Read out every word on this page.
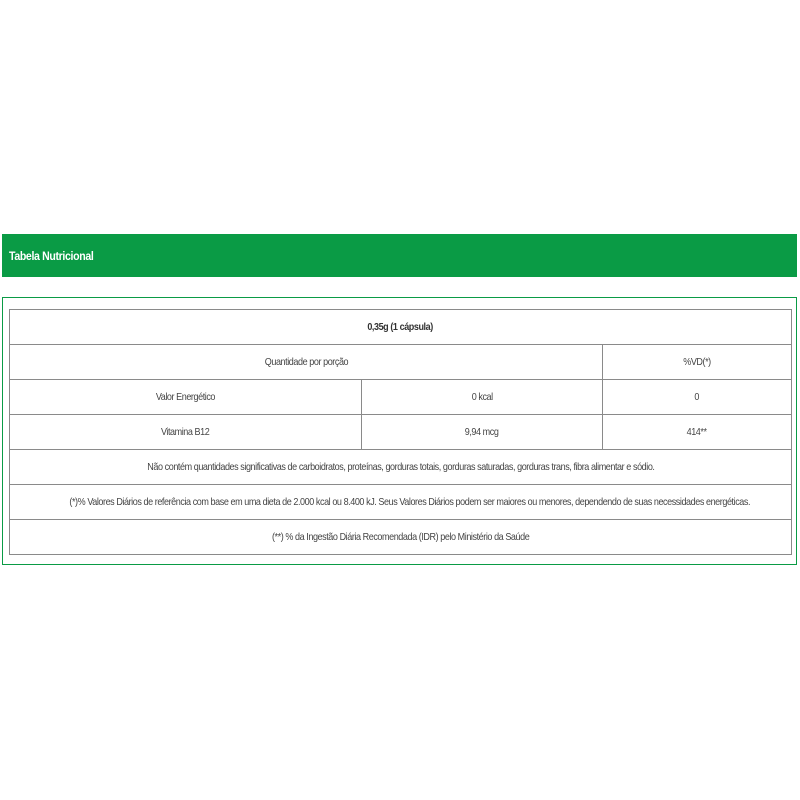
Tabela Nutricional
0,35g (1 cápsula)		
Quantidade por porção		%VD(*)
Valor Energético	0 kcal	0
Vitamina B12	9,94 mcg	414**
Não contém quantidades significativas de carboidratos, proteínas, gorduras totais, gorduras saturadas, gorduras trans, fibra alimentar e sódio.		
(*)% Valores Diários de referência com base em uma dieta de 2.000 kcal ou 8.400 kJ. Seus Valores Diários podem ser maiores ou menores, dependendo de suas necessidades energéticas.		
(**) % da Ingestão Diária Recomendada (IDR) pelo Ministério da Saúde		
